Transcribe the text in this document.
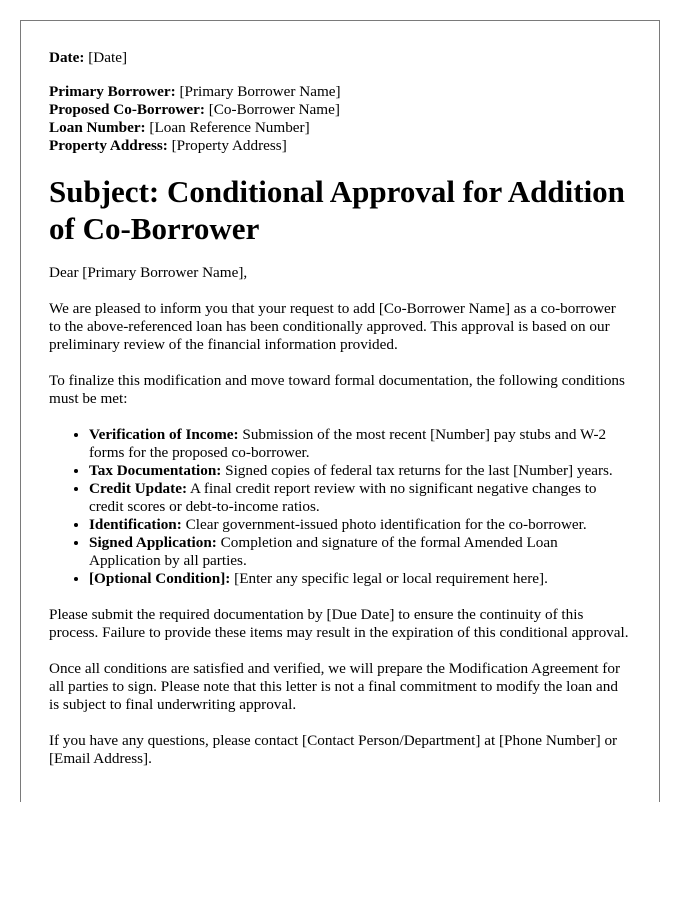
Date: [Date]
Primary Borrower: [Primary Borrower Name]
Proposed Co-Borrower: [Co-Borrower Name]
Loan Number: [Loan Reference Number]
Property Address: [Property Address]
Subject: Conditional Approval for Addition of Co-Borrower

Dear [Primary Borrower Name],

We are pleased to inform you that your request to add [Co-Borrower Name] as a co-borrower to the above-referenced loan has been conditionally approved. This approval is based on our preliminary review of the financial information provided.

To finalize this modification and move toward formal documentation, the following conditions must be met:

• Verification of Income: Submission of the most recent [Number] pay stubs and W-2 forms for the proposed co-borrower.
• Tax Documentation: Signed copies of federal tax returns for the last [Number] years.
• Credit Update: A final credit report review with no significant negative changes to credit scores or debt-to-income ratios.
• Identification: Clear government-issued photo identification for the co-borrower.
• Signed Application: Completion and signature of the formal Amended Loan Application by all parties.
• [Optional Condition]: [Enter any specific legal or local requirement here].

Please submit the required documentation by [Due Date] to ensure the continuity of this process. Failure to provide these items may result in the expiration of this conditional approval.

Once all conditions are satisfied and verified, we will prepare the Modification Agreement for all parties to sign. Please note that this letter is not a final commitment to modify the loan and is subject to final underwriting approval.

If you have any questions, please contact [Contact Person/Department] at [Phone Number] or [Email Address].
